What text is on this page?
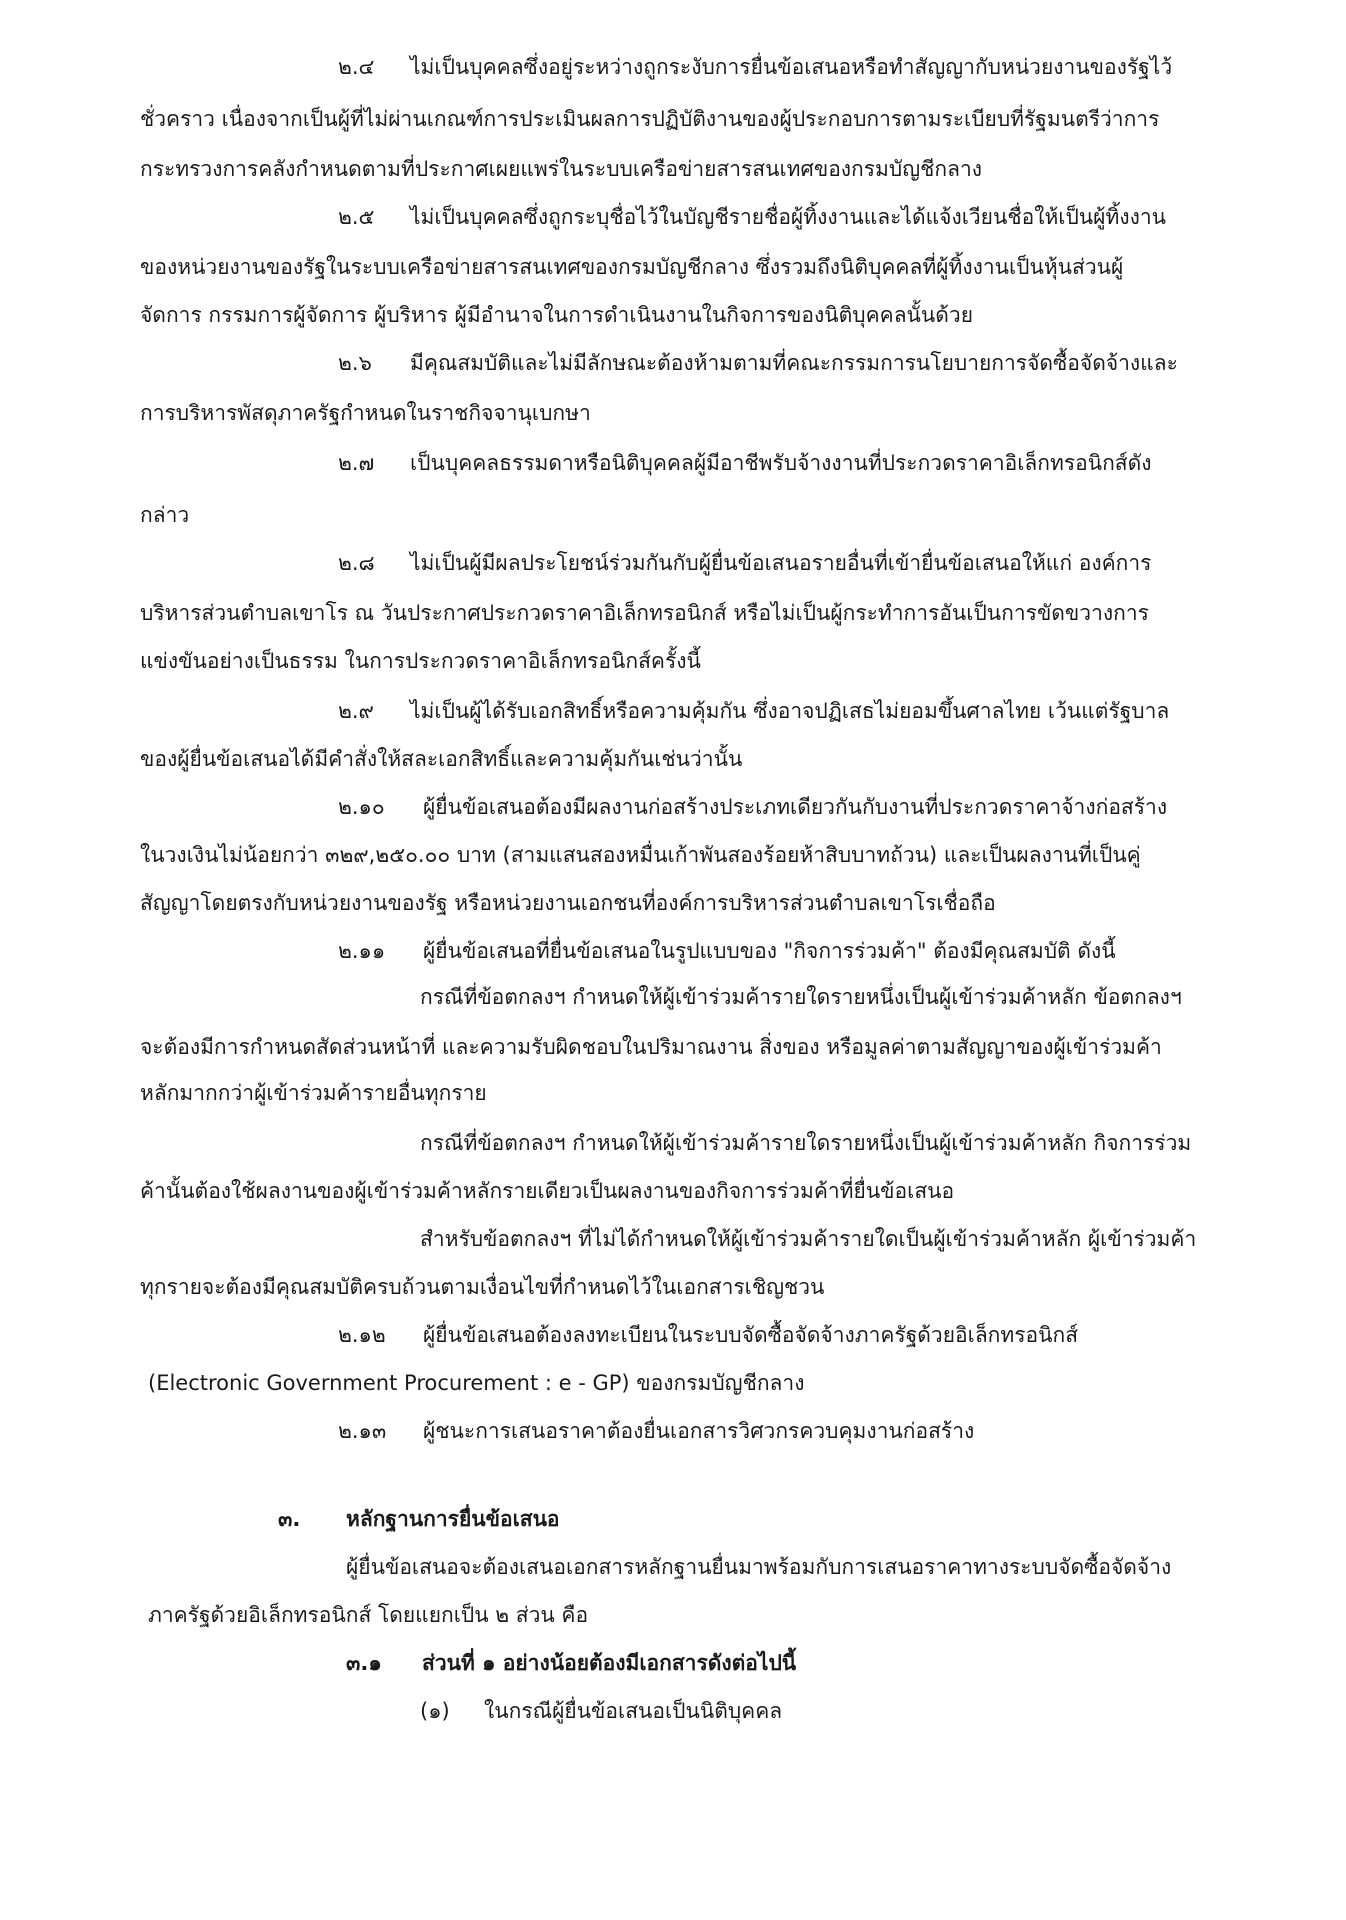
๒.๔ ไม่เป็นบุคคลซึ่งอยู่ระหว่างถูกระงับการยื่นข้อเสนอหรือทำสัญญากับหน่วยงานของรัฐไว้
ชั่วคราว เนื่องจากเป็นผู้ที่ไม่ผ่านเกณฑ์การประเมินผลการปฏิบัติงานของผู้ประกอบการตามระเบียบที่รัฐมนตรีว่าการ
กระทรวงการคลังกำหนดตามที่ประกาศเผยแพร่ในระบบเครือข่ายสารสนเทศของกรมบัญชีกลาง
๒.๕ ไม่เป็นบุคคลซึ่งถูกระบุชื่อไว้ในบัญชีรายชื่อผู้ทิ้งงานและได้แจ้งเวียนชื่อให้เป็นผู้ทิ้งงาน
ของหน่วยงานของรัฐในระบบเครือข่ายสารสนเทศของกรมบัญชีกลาง ซึ่งรวมถึงนิติบุคคลที่ผู้ทิ้งงานเป็นหุ้นส่วนผู้
จัดการ กรรมการผู้จัดการ ผู้บริหาร ผู้มีอำนาจในการดำเนินงานในกิจการของนิติบุคคลนั้นด้วย
๒.๖ มีคุณสมบัติและไม่มีลักษณะต้องห้ามตามที่คณะกรรมการนโยบายการจัดซื้อจัดจ้างและ
การบริหารพัสดุภาครัฐกำหนดในราชกิจจานุเบกษา
๒.๗ เป็นบุคคลธรรมดาหรือนิติบุคคลผู้มีอาชีพรับจ้างงานที่ประกวดราคาอิเล็กทรอนิกส์ดัง
กล่าว
๒.๘ ไม่เป็นผู้มีผลประโยชน์ร่วมกันกับผู้ยื่นข้อเสนอรายอื่นที่เข้ายื่นข้อเสนอให้แก่ องค์การ
บริหารส่วนตำบลเขาโร ณ วันประกาศประกวดราคาอิเล็กทรอนิกส์ หรือไม่เป็นผู้กระทำการอันเป็นการขัดขวางการ
แข่งขันอย่างเป็นธรรม ในการประกวดราคาอิเล็กทรอนิกส์ครั้งนี้
๒.๙ ไม่เป็นผู้ได้รับเอกสิทธิ์หรือความคุ้มกัน ซึ่งอาจปฏิเสธไม่ยอมขึ้นศาลไทย เว้นแต่รัฐบาล
ของผู้ยื่นข้อเสนอได้มีคำสั่งให้สละเอกสิทธิ์และความคุ้มกันเช่นว่านั้น
๒.๑๐ ผู้ยื่นข้อเสนอต้องมีผลงานก่อสร้างประเภทเดียวกันกับงานที่ประกวดราคาจ้างก่อสร้าง
ในวงเงินไม่น้อยกว่า ๓๒๙,๒๕๐.๐๐ บาท (สามแสนสองหมื่นเก้าพันสองร้อยห้าสิบบาทถ้วน) และเป็นผลงานที่เป็นคู่
สัญญาโดยตรงกับหน่วยงานของรัฐ หรือหน่วยงานเอกชนที่องค์การบริหารส่วนตำบลเขาโรเชื่อถือ
๒.๑๑ ผู้ยื่นข้อเสนอที่ยื่นข้อเสนอในรูปแบบของ "กิจการร่วมค้า" ต้องมีคุณสมบัติ ดังนี้
กรณีที่ข้อตกลงฯ กำหนดให้ผู้เข้าร่วมค้ารายใดรายหนึ่งเป็นผู้เข้าร่วมค้าหลัก ข้อตกลงฯ
จะต้องมีการกำหนดสัดส่วนหน้าที่ และความรับผิดชอบในปริมาณงาน สิ่งของ หรือมูลค่าตามสัญญาของผู้เข้าร่วมค้า
หลักมากกว่าผู้เข้าร่วมค้ารายอื่นทุกราย
กรณีที่ข้อตกลงฯ กำหนดให้ผู้เข้าร่วมค้ารายใดรายหนึ่งเป็นผู้เข้าร่วมค้าหลัก กิจการร่วม
ค้านั้นต้องใช้ผลงานของผู้เข้าร่วมค้าหลักรายเดียวเป็นผลงานของกิจการร่วมค้าที่ยื่นข้อเสนอ
สำหรับข้อตกลงฯ ที่ไม่ได้กำหนดให้ผู้เข้าร่วมค้ารายใดเป็นผู้เข้าร่วมค้าหลัก ผู้เข้าร่วมค้า
ทุกรายจะต้องมีคุณสมบัติครบถ้วนตามเงื่อนไขที่กำหนดไว้ในเอกสารเชิญชวน
๒.๑๒ ผู้ยื่นข้อเสนอต้องลงทะเบียนในระบบจัดซื้อจัดจ้างภาครัฐด้วยอิเล็กทรอนิกส์
(Electronic Government Procurement : e - GP) ของกรมบัญชีกลาง
๒.๑๓ ผู้ชนะการเสนอราคาต้องยื่นเอกสารวิศวกรควบคุมงานก่อสร้าง
๓. หลักฐานการยื่นข้อเสนอ
ผู้ยื่นข้อเสนอจะต้องเสนอเอกสารหลักฐานยื่นมาพร้อมกับการเสนอราคาทางระบบจัดซื้อจัดจ้าง
ภาครัฐด้วยอิเล็กทรอนิกส์ โดยแยกเป็น ๒ ส่วน คือ
๓.๑ ส่วนที่ ๑ อย่างน้อยต้องมีเอกสารดังต่อไปนี้
(๑) ในกรณีผู้ยื่นข้อเสนอเป็นนิติบุคคล
